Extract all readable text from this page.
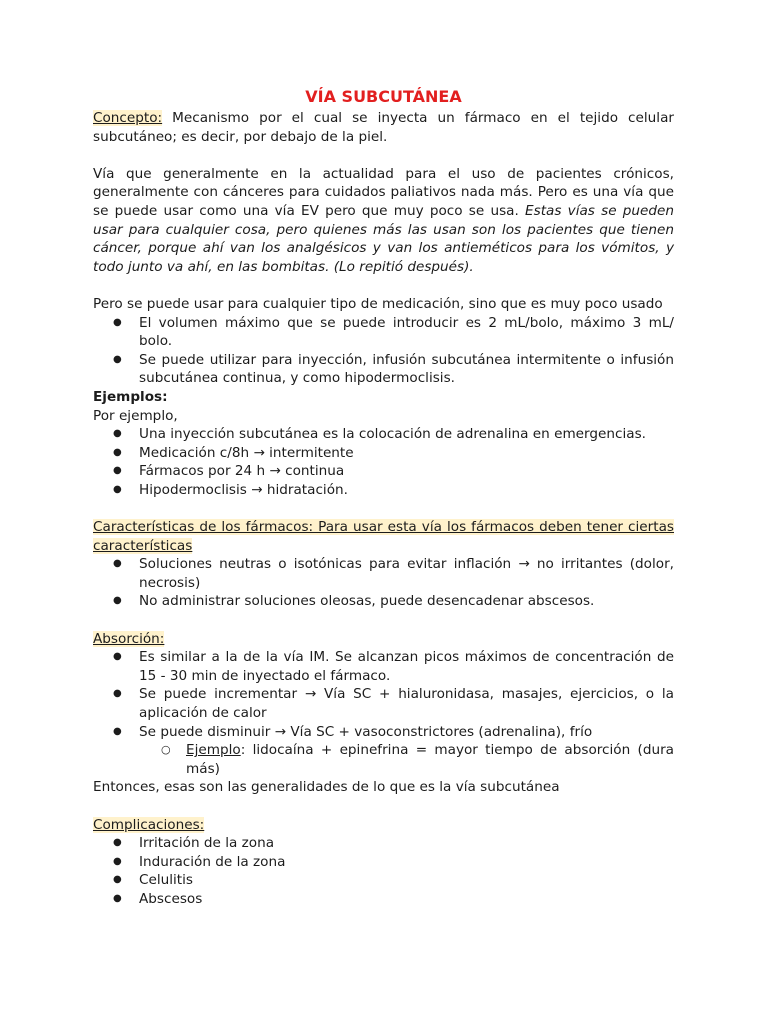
VÍA SUBCUTÁNEA

Concepto: Mecanismo por el cual se inyecta un fármaco en el tejido celular subcutáneo; es decir, por debajo de la piel.

Vía que generalmente en la actualidad para el uso de pacientes crónicos, generalmente con cánceres para cuidados paliativos nada más. Pero es una vía que se puede usar como una vía EV pero que muy poco se usa. Estas vías se pueden usar para cualquier cosa, pero quienes más las usan son los pacientes que tienen cáncer, porque ahí van los analgésicos y van los antieméticos para los vómitos, y todo junto va ahí, en las bombitas. (Lo repitió después).

Pero se puede usar para cualquier tipo de medicación, sino que es muy poco usado

● El volumen máximo que se puede introducir es 2 mL/bolo, máximo 3 mL/ bolo.
● Se puede utilizar para inyección, infusión subcutánea intermitente o infusión subcutánea continua, y como hipodermoclisis.

Ejemplos:

Por ejemplo,

● Una inyección subcutánea es la colocación de adrenalina en emergencias.
● Medicación c/8h → intermitente
● Fármacos por 24 h → continua
● Hipodermoclisis → hidratación.

Características de los fármacos: Para usar esta vía los fármacos deben tener ciertas características

● Soluciones neutras o isotónicas para evitar inflación → no irritantes (dolor, necrosis)
● No administrar soluciones oleosas, puede desencadenar abscesos.

Absorción:

● Es similar a la de la vía IM. Se alcanzan picos máximos de concentración de 15 - 30 min de inyectado el fármaco.
● Se puede incrementar → Vía SC + hialuronidasa, masajes, ejercicios, o la aplicación de calor
● Se puede disminuir → Vía SC + vasoconstrictores (adrenalina), frío
○ Ejemplo: lidocaína + epinefrina = mayor tiempo de absorción (dura más)

Entonces, esas son las generalidades de lo que es la vía subcutánea

Complicaciones:

● Irritación de la zona
● Induración de la zona
● Celulitis
● Abscesos
